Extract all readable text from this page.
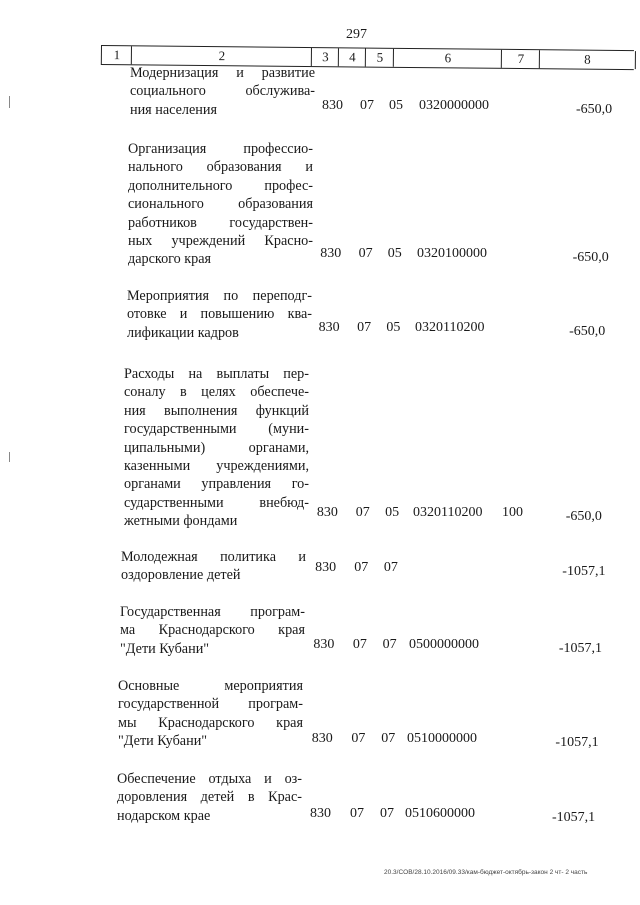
297
1	2	3	4	5	6	7	8
Модернизация и развитие
социального обслужива-
ния населения	830 07 05 0320000000	-650,0
Организация профессио-
нального образования и
дополнительного профес-
сионального образования
работников государствен-
ных учреждений Красно-
дарского края	830 07 05 0320100000	-650,0
Мероприятия по переподг-
отовке и повышению ква-
лификации кадров	830 07 05 0320110200	-650,0
Расходы на выплаты пер-
соналу в целях обеспече-
ния выполнения функций
государственными (муни-
ципальными) органами,
казенными учреждениями,
органами управления го-
сударственными внебюд-
жетными фондами
830 07 05 0320110200 100	-650,0
Молодежная политика и
оздоровление детей	830 07 07	-1057,1
Государственная програм-
ма Краснодарского края
"Дети Кубани"	830 07 07 0500000000	-1057,1
Основные мероприятия
государственной програм-
мы Краснодарского края
"Дети Кубани"	830 07 07 0510000000	-1057,1
Обеспечение отдыха и оз-
доровления детей в Крас-
нодарском крае	830 07 07 0510600000	-1057,1
20.3/COB/28.10.2016/09.33/кам-бюджет-октябрь-закон 2 чт- 2 часть
